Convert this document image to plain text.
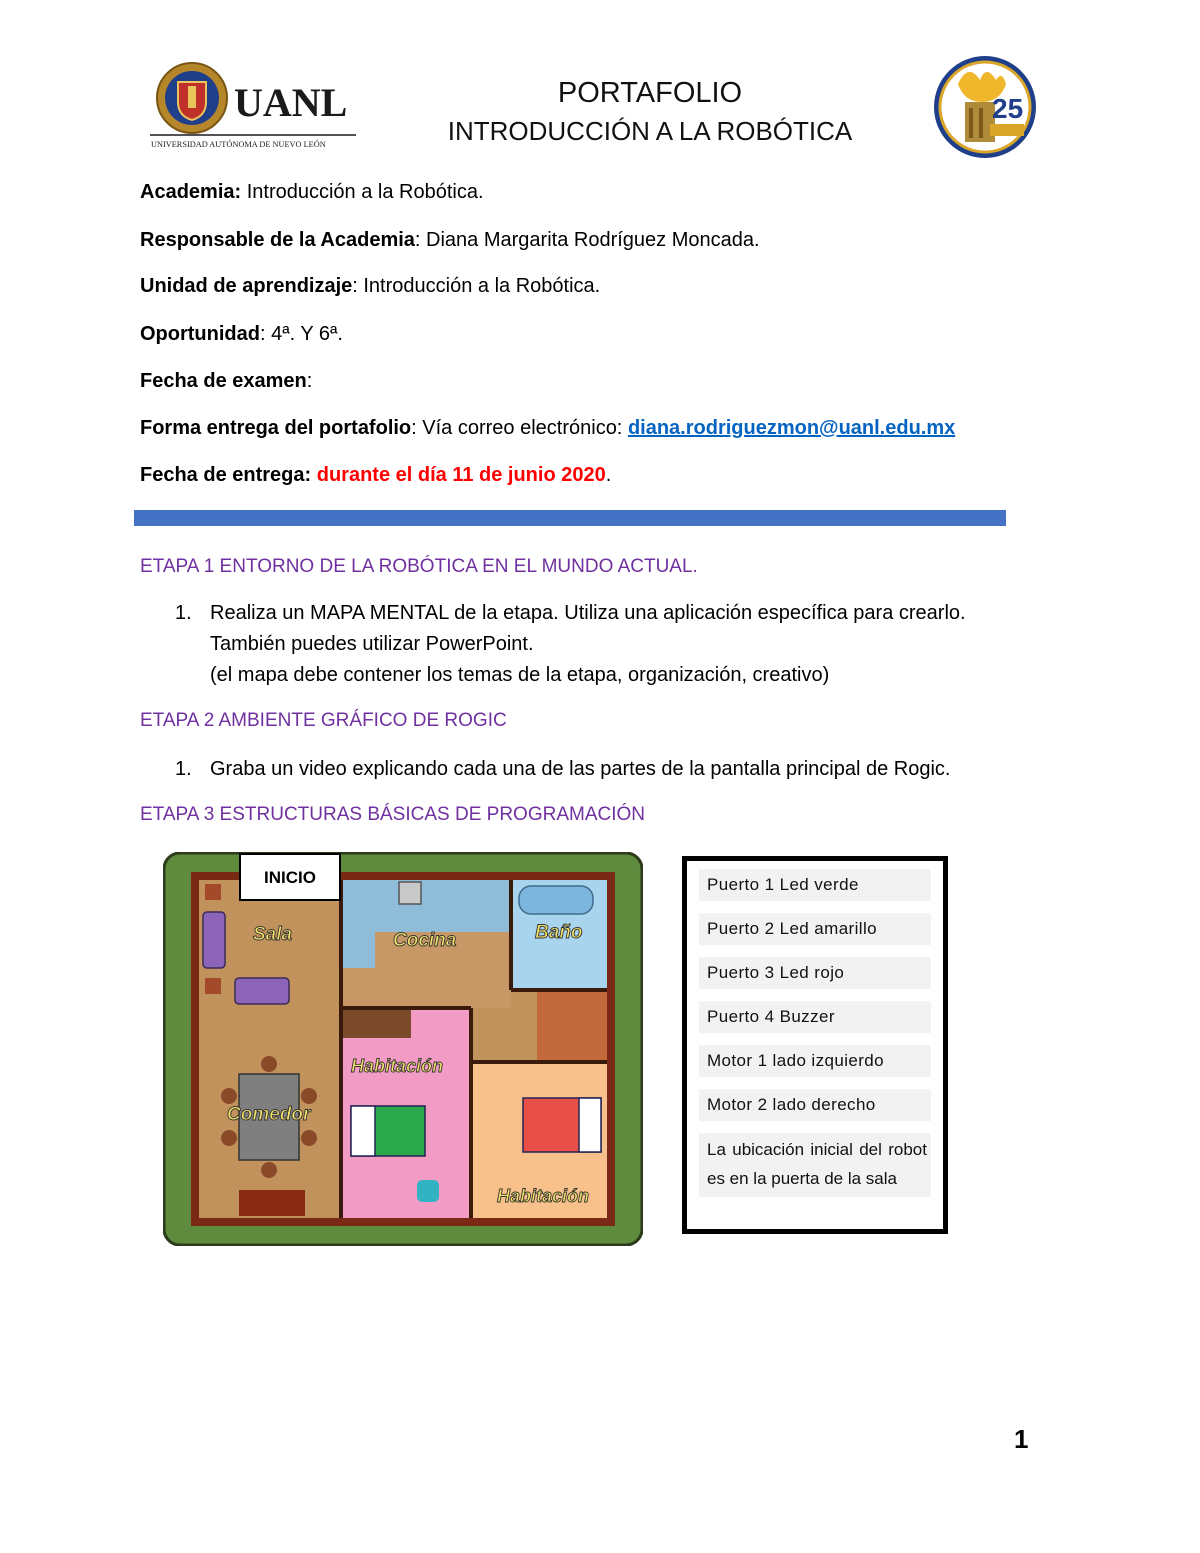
UANL
UNIVERSIDAD AUTÓNOMA DE NUEVO LEÓN
PORTAFOLIO
INTRODUCCIÓN A LA ROBÓTICA
25
Academia: Introducción a la Robótica.
Responsable de la Academia: Diana Margarita Rodríguez Moncada.
Unidad de aprendizaje: Introducción a la Robótica.
Oportunidad: 4ª. Y 6ª.
Fecha de examen:
Forma entrega del portafolio: Vía correo electrónico: diana.rodriguezmon@uanl.edu.mx
Fecha de entrega: durante el día 11 de junio 2020.
ETAPA 1 ENTORNO DE LA ROBÓTICA EN EL MUNDO ACTUAL.
1. Realiza un MAPA MENTAL de la etapa. Utiliza una aplicación específica para crearlo.
También puedes utilizar PowerPoint.
(el mapa debe contener los temas de la etapa, organización, creativo)
ETAPA 2 AMBIENTE GRÁFICO DE ROGIC
1. Graba un video explicando cada una de las partes de la pantalla principal de Rogic.
ETAPA 3 ESTRUCTURAS BÁSICAS DE PROGRAMACIÓN
Sala	Cocina	Baño
Habitación
Comedor
Habitación
INICIO	Puerto 1 Led verde
Puerto 2 Led amarillo
Puerto 3 Led rojo
Puerto 4 Buzzer
Motor 1 lado izquierdo
Motor 2 lado derecho
La ubicación inicial del robot es en la puerta de la sala
1
